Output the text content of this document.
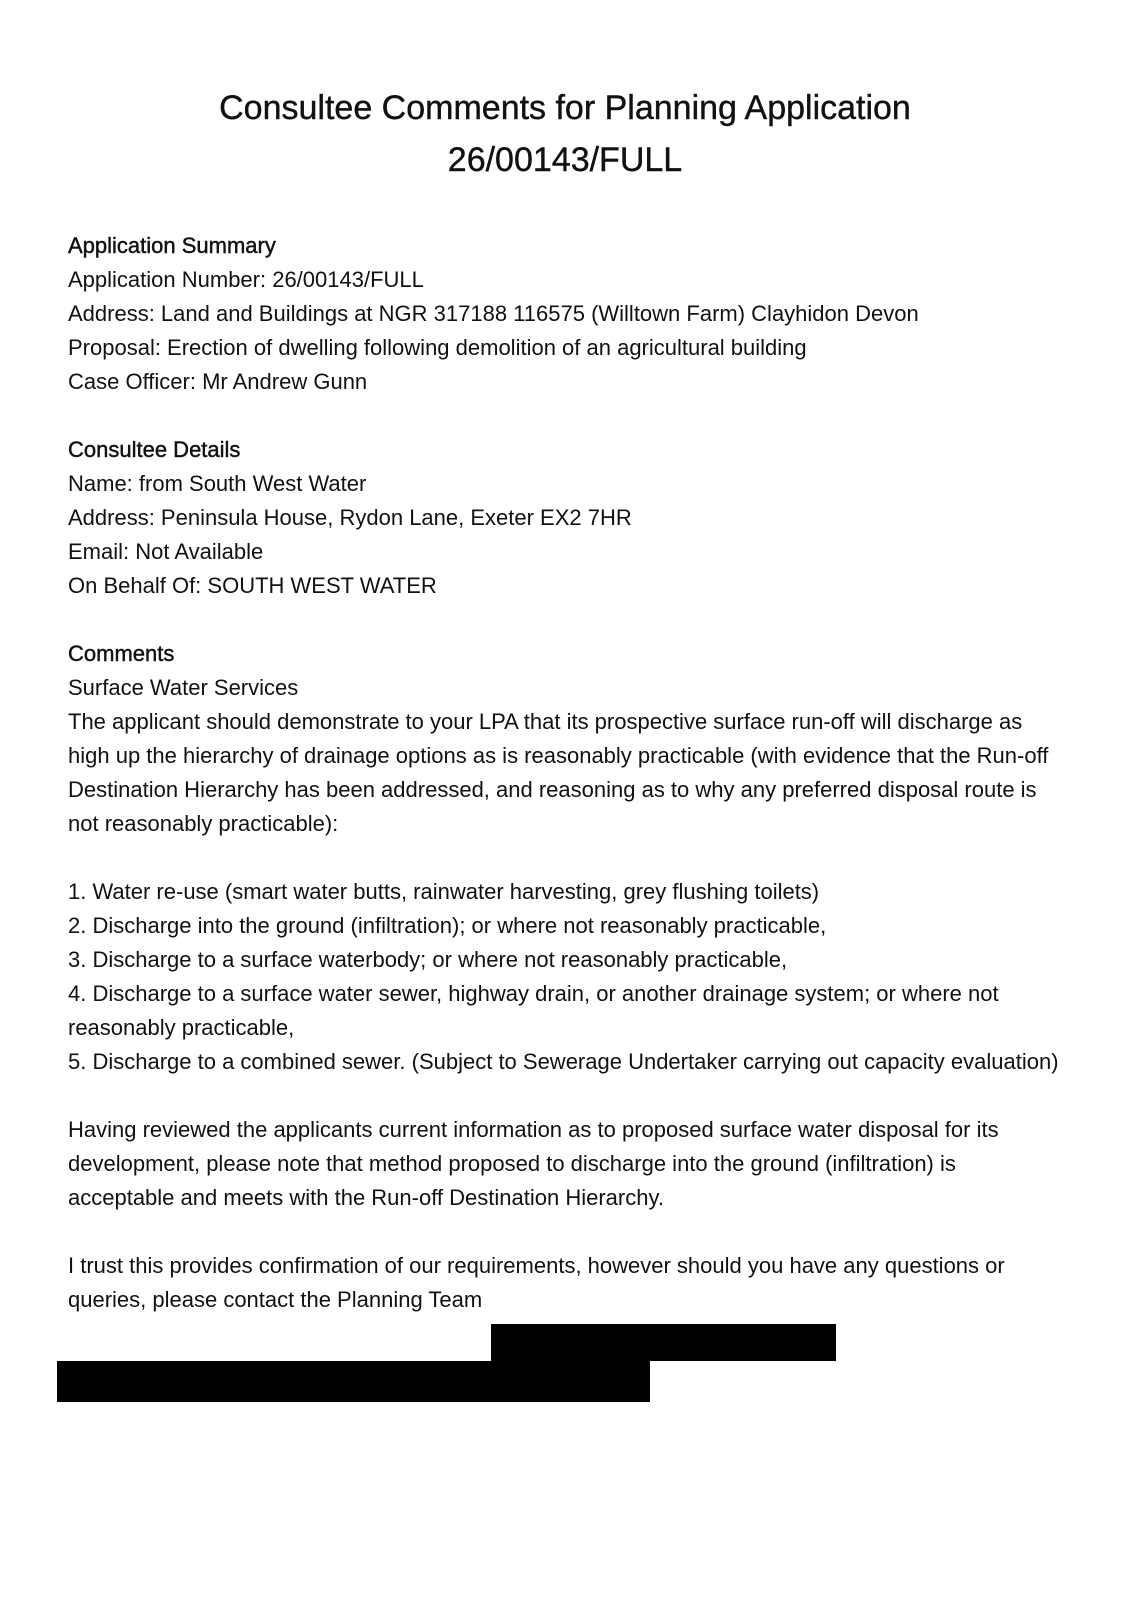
Consultee Comments for Planning Application
26/00143/FULL
Application Summary
Application Number: 26/00143/FULL
Address: Land and Buildings at NGR 317188 116575 (Willtown Farm) Clayhidon Devon
Proposal: Erection of dwelling following demolition of an agricultural building
Case Officer: Mr Andrew Gunn
Consultee Details
Name: from South West Water
Address: Peninsula House, Rydon Lane, Exeter EX2 7HR
Email: Not Available
On Behalf Of: SOUTH WEST WATER
Comments
Surface Water Services
The applicant should demonstrate to your LPA that its prospective surface run-off will discharge as high up the hierarchy of drainage options as is reasonably practicable (with evidence that the Run-off Destination Hierarchy has been addressed, and reasoning as to why any preferred disposal route is not reasonably practicable):
1. Water re-use (smart water butts, rainwater harvesting, grey flushing toilets)
2. Discharge into the ground (infiltration); or where not reasonably practicable,
3. Discharge to a surface waterbody; or where not reasonably practicable,
4. Discharge to a surface water sewer, highway drain, or another drainage system; or where not reasonably practicable,
5. Discharge to a combined sewer. (Subject to Sewerage Undertaker carrying out capacity evaluation)
Having reviewed the applicants current information as to proposed surface water disposal for its development, please note that method proposed to discharge into the ground (infiltration) is acceptable and meets with the Run-off Destination Hierarchy.
I trust this provides confirmation of our requirements, however should you have any questions or queries, please contact the Planning Team
